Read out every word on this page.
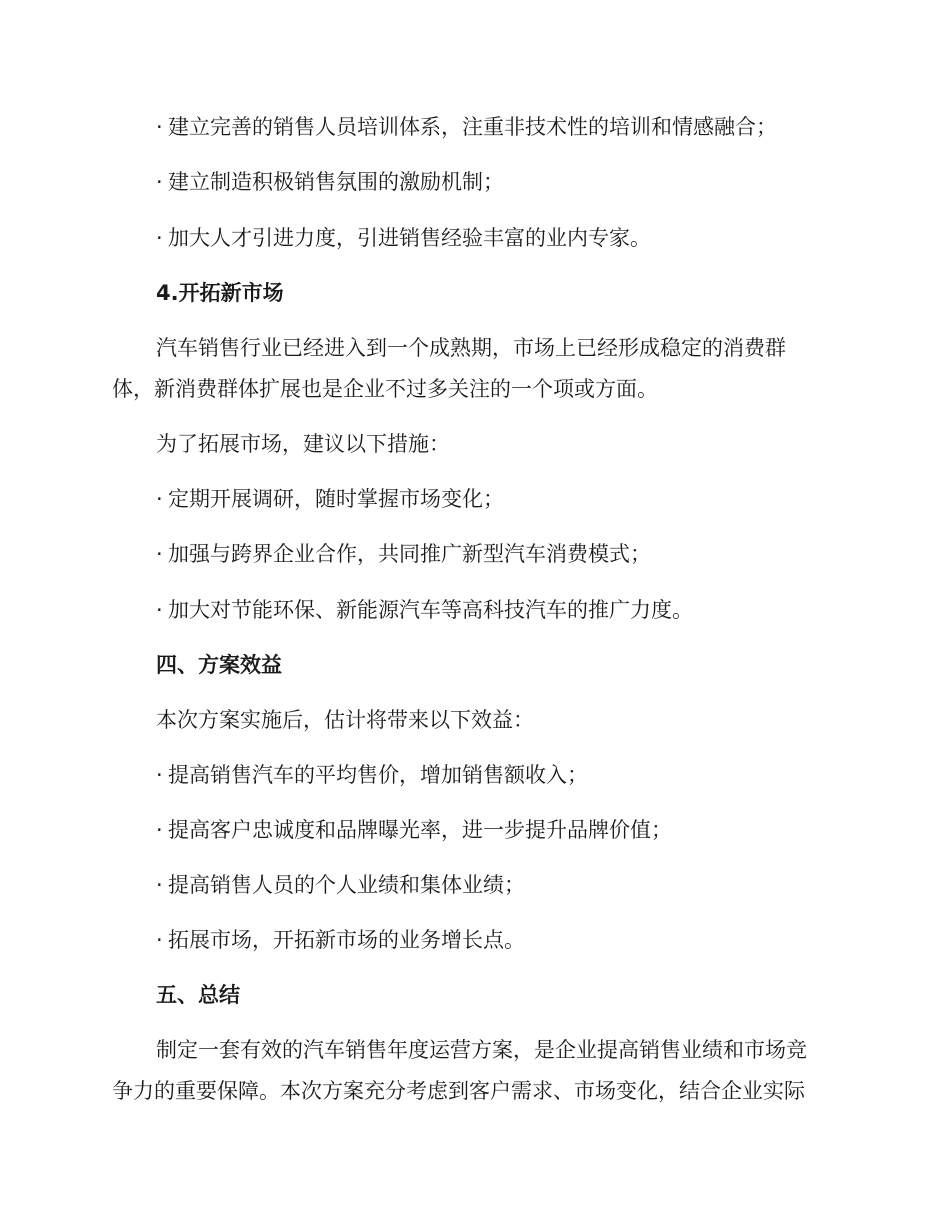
· 建立完善的销售人员培训体系，注重非技术性的培训和情感融合；
· 建立制造积极销售氛围的激励机制；
· 加大人才引进力度，引进销售经验丰富的业内专家。
4.开拓新市场
汽车销售行业已经进入到一个成熟期，市场上已经形成稳定的消费群
体，新消费群体扩展也是企业不过多关注的一个项或方面。
为了拓展市场，建议以下措施：
· 定期开展调研，随时掌握市场变化；
· 加强与跨界企业合作，共同推广新型汽车消费模式；
· 加大对节能环保、新能源汽车等高科技汽车的推广力度。
四、方案效益
本次方案实施后，估计将带来以下效益：
· 提高销售汽车的平均售价，增加销售额收入；
· 提高客户忠诚度和品牌曝光率，进一步提升品牌价值；
· 提高销售人员的个人业绩和集体业绩；
· 拓展市场，开拓新市场的业务增长点。
五、总结
制定一套有效的汽车销售年度运营方案，是企业提高销售业绩和市场竞
争力的重要保障。本次方案充分考虑到客户需求、市场变化，结合企业实际
